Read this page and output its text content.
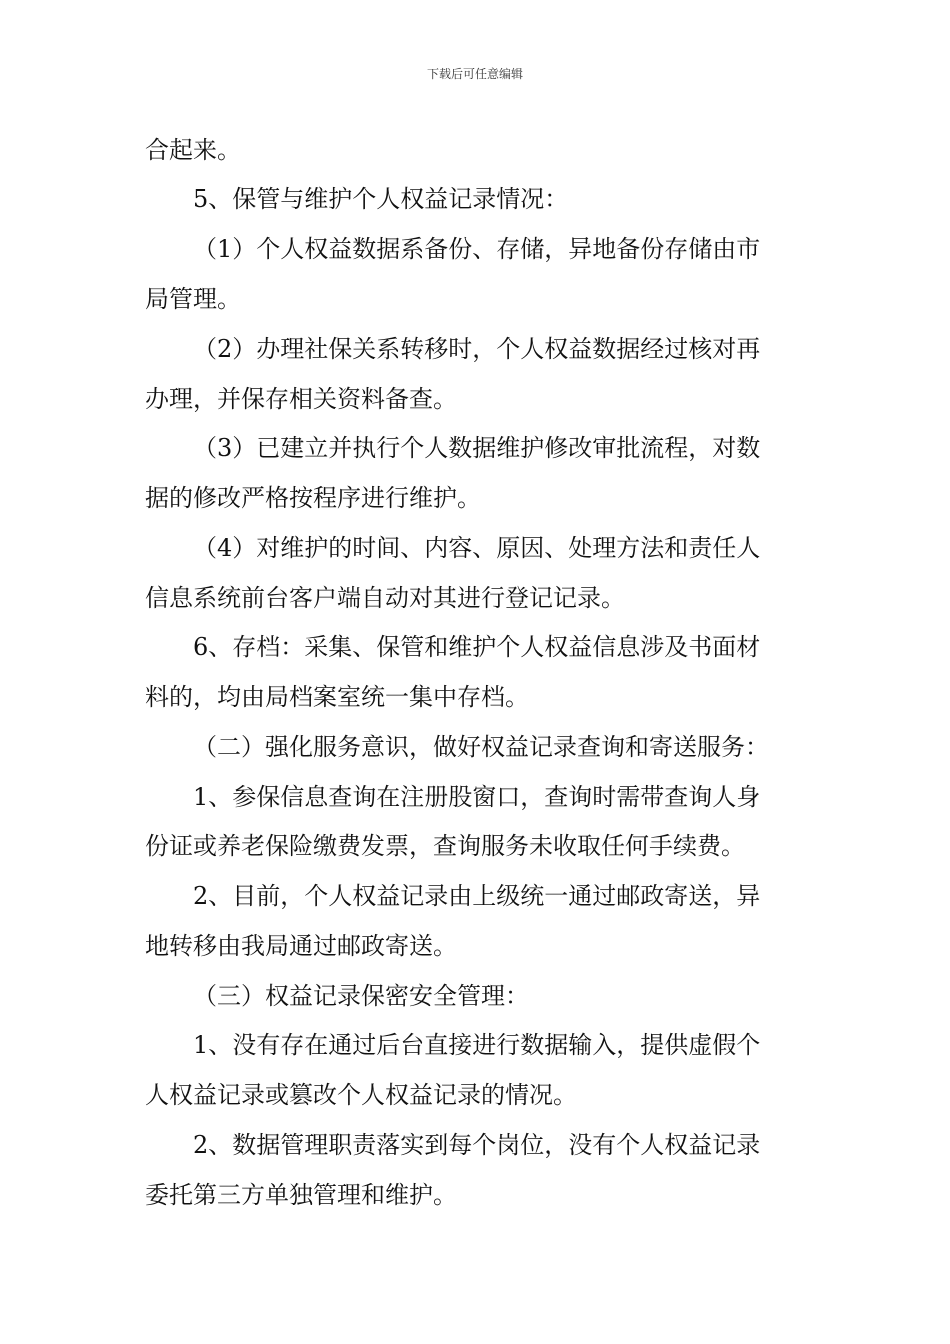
下载后可任意编辑
合起来。
5、保管与维护个人权益记录情况：
（1）个人权益数据系备份、存储，异地备份存储由市
局管理。
（2）办理社保关系转移时，个人权益数据经过核对再
办理，并保存相关资料备查。
（3）已建立并执行个人数据维护修改审批流程，对数
据的修改严格按程序进行维护。
（4）对维护的时间、内容、原因、处理方法和责任人
信息系统前台客户端自动对其进行登记记录。
6、存档：采集、保管和维护个人权益信息涉及书面材
料的，均由局档案室统一集中存档。
（二）强化服务意识，做好权益记录查询和寄送服务：
1、参保信息查询在注册股窗口，查询时需带查询人身
份证或养老保险缴费发票，查询服务未收取任何手续费。
2、目前，个人权益记录由上级统一通过邮政寄送，异
地转移由我局通过邮政寄送。
（三）权益记录保密安全管理：
1、没有存在通过后台直接进行数据输入，提供虚假个
人权益记录或篡改个人权益记录的情况。
2、数据管理职责落实到每个岗位，没有个人权益记录
委托第三方单独管理和维护。
